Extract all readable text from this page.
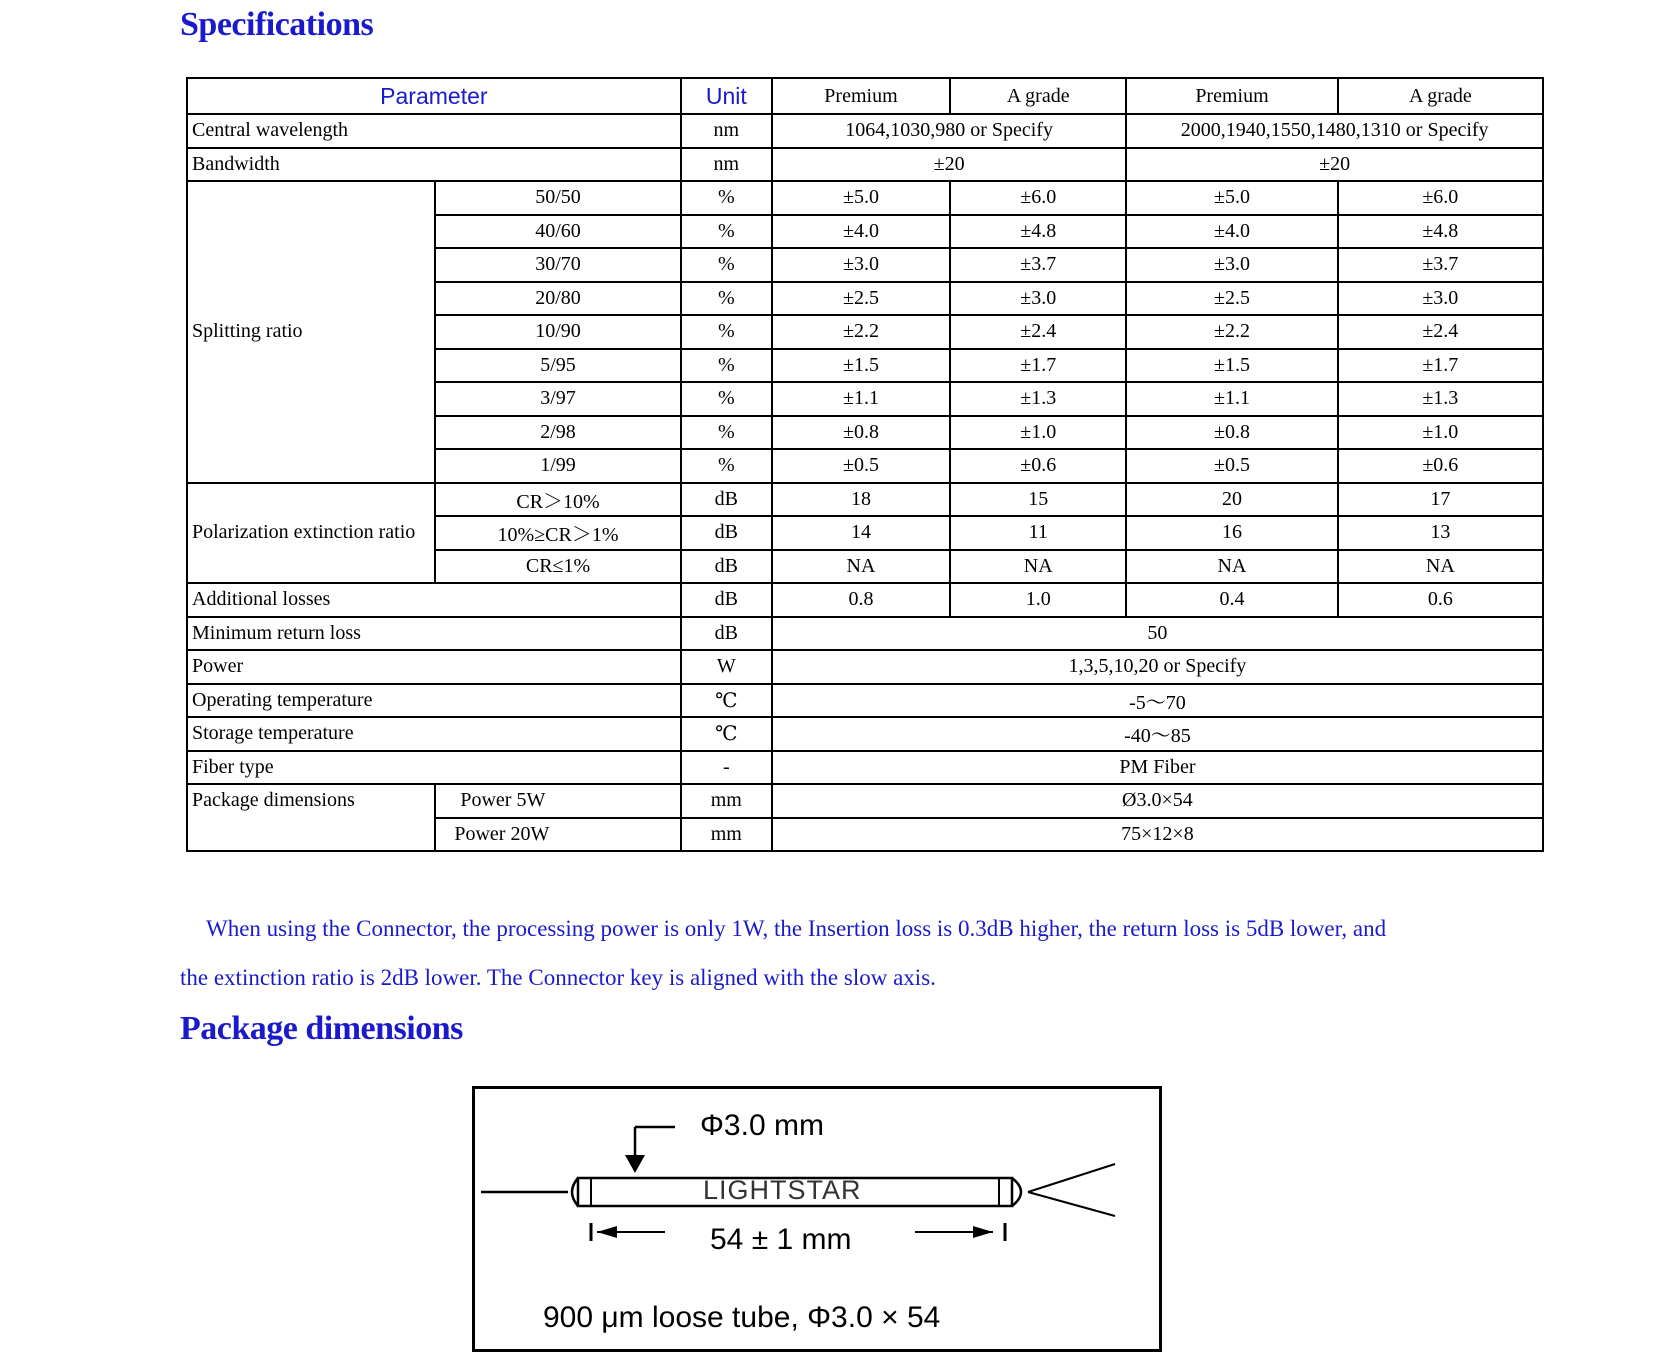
Specifications
Parameter		Unit	Premium	A grade	Premium	A grade
Central wavelength		nm	1064,1030,980 or Specify		2000,1940,1550,1480,1310 or Specify	
Bandwidth		nm	±20		±20	
Splitting ratio	50/50	%	±5.0	±6.0	±5.0	±6.0
	40/60	%	±4.0	±4.8	±4.0	±4.8
	30/70	%	±3.0	±3.7	±3.0	±3.7
	20/80	%	±2.5	±3.0	±2.5	±3.0
	10/90	%	±2.2	±2.4	±2.2	±2.4
	5/95	%	±1.5	±1.7	±1.5	±1.7
	3/97	%	±1.1	±1.3	±1.1	±1.3
	2/98	%	±0.8	±1.0	±0.8	±1.0
	1/99	%	±0.5	±0.6	±0.5	±0.6
Polarization extinction ratio	CR＞10%	dB	18	15	20	17
	10%≥CR＞1%	dB	14	11	16	13
	CR≤1%	dB	NA	NA	NA	NA
Additional losses		dB	0.8	1.0	0.4	0.6
Minimum return loss		dB	50			
Power		W	1,3,5,10,20 or Specify			
Operating temperature		℃	-5～70			
Storage temperature		℃	-40～85			
Fiber type		-	PM Fiber			
Package dimensions	Power 5W	mm	Ø3.0×54			
	Power 20W	mm	75×12×8			

When using the Connector, the processing power is only 1W, the Insertion loss is 0.3dB higher, the return loss is 5dB lower, and

the extinction ratio is 2dB lower. The Connector key is aligned with the slow axis.

Package dimensions

Φ3.0 mm

LIGHTSTAR

54 ± 1 mm

900 μm loose tube, Φ3.0 × 54
